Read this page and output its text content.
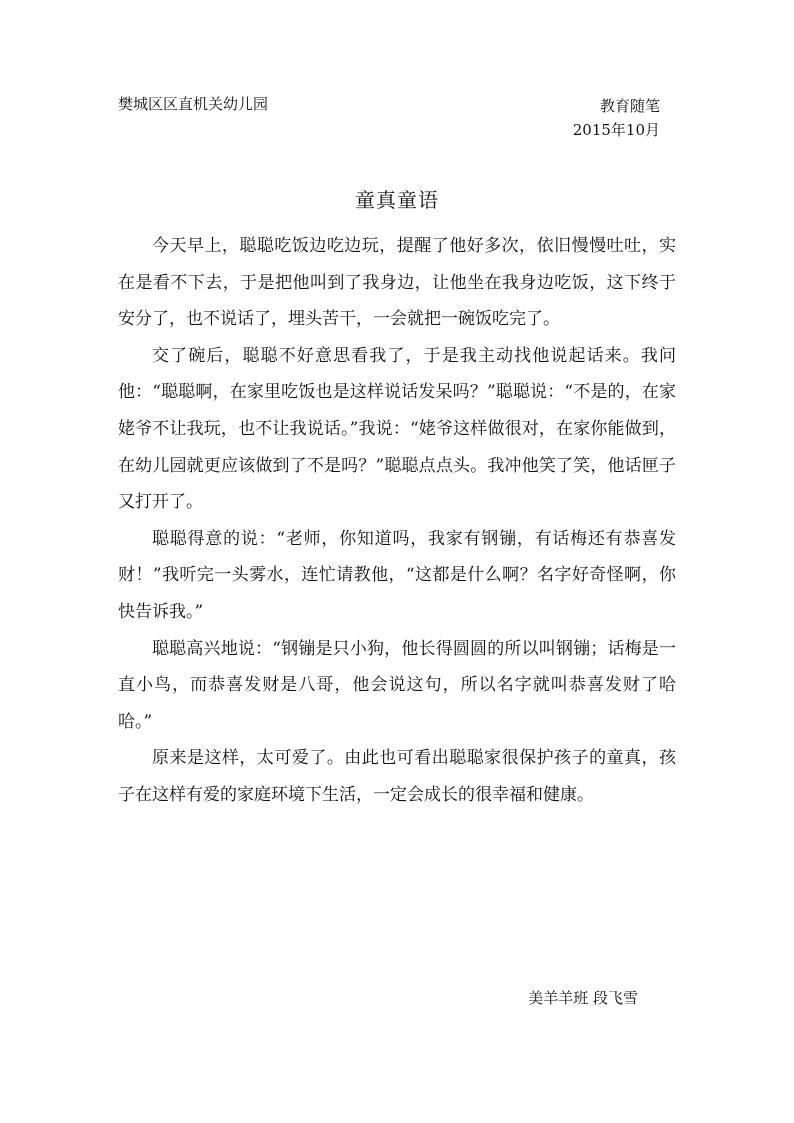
樊城区区直机关幼儿园	教育随笔
2015年10月
童真童语

今天早上，聪聪吃饭边吃边玩，提醒了他好多次，依旧慢慢吐吐，实在是看不下去，于是把他叫到了我身边，让他坐在我身边吃饭，这下终于安分了，也不说话了，埋头苦干，一会就把一碗饭吃完了。

交了碗后，聪聪不好意思看我了，于是我主动找他说起话来。我问他：“聪聪啊，在家里吃饭也是这样说话发呆吗？”聪聪说：“不是的，在家姥爷不让我玩，也不让我说话。”我说：“姥爷这样做很对，在家你能做到，在幼儿园就更应该做到了不是吗？”聪聪点点头。我冲他笑了笑，他话匣子又打开了。

聪聪得意的说：“老师，你知道吗，我家有钢镚，有话梅还有恭喜发财！”我听完一头雾水，连忙请教他，“这都是什么啊？名字好奇怪啊，你快告诉我。”

聪聪高兴地说：“钢镚是只小狗，他长得圆圆的所以叫钢镚；话梅是一直小鸟，而恭喜发财是八哥，他会说这句，所以名字就叫恭喜发财了哈哈。”

原来是这样，太可爱了。由此也可看出聪聪家很保护孩子的童真，孩子在这样有爱的家庭环境下生活，一定会成长的很幸福和健康。

美羊羊班 段飞雪
